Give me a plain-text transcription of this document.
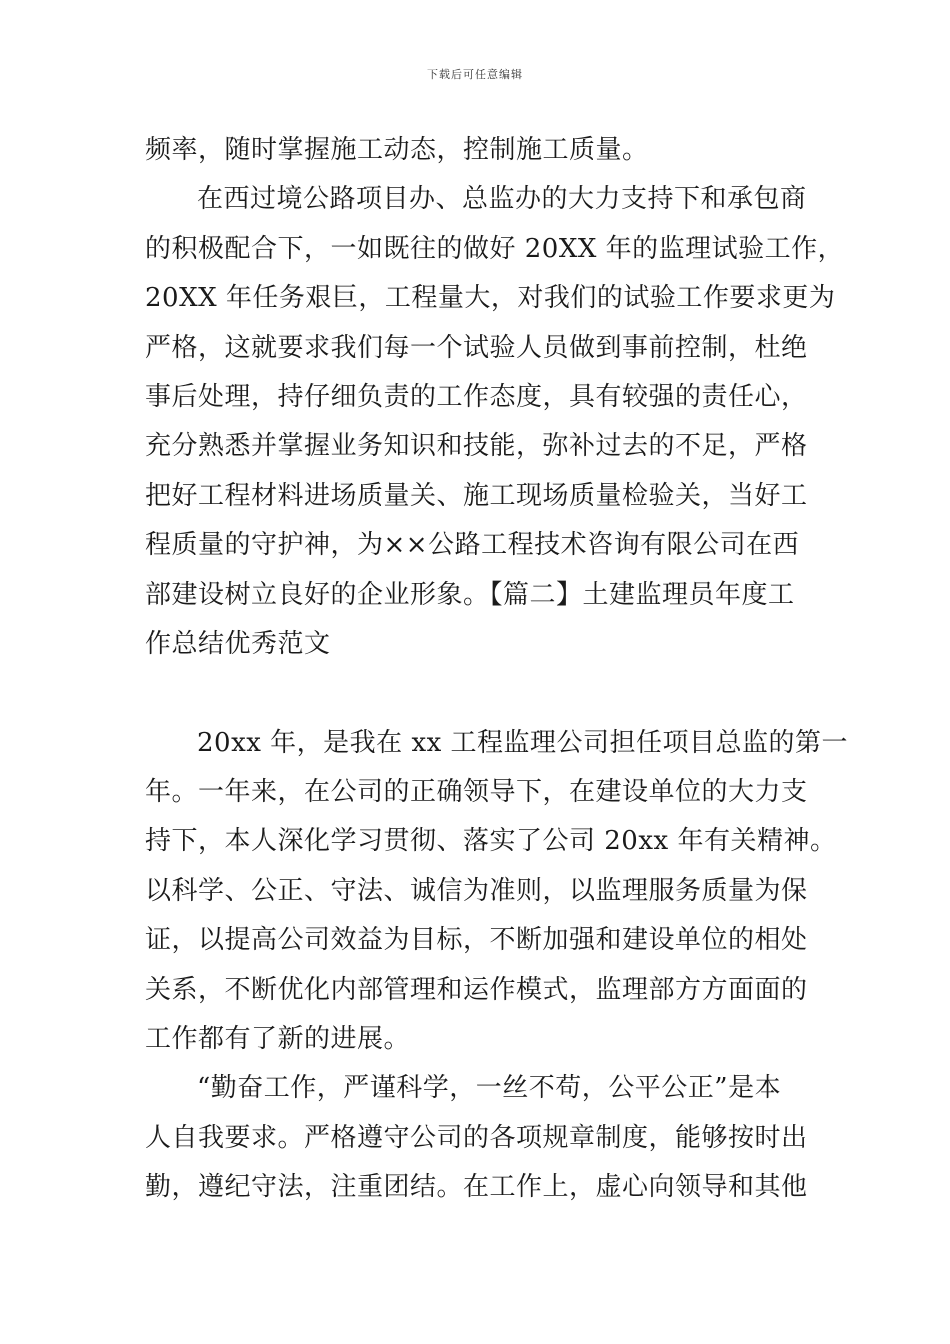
下载后可任意编辑
频率，随时掌握施工动态，控制施工质量。
在西过境公路项目办、总监办的大力支持下和承包商
的积极配合下，一如既往的做好 20XX 年的监理试验工作，
20XX 年任务艰巨，工程量大，对我们的试验工作要求更为
严格，这就要求我们每一个试验人员做到事前控制，杜绝
事后处理，持仔细负责的工作态度，具有较强的责任心，
充分熟悉并掌握业务知识和技能，弥补过去的不足，严格
把好工程材料进场质量关、施工现场质量检验关，当好工
程质量的守护神，为××公路工程技术咨询有限公司在西
部建设树立良好的企业形象。【篇二】土建监理员年度工
作总结优秀范文
20xx 年，是我在 xx 工程监理公司担任项目总监的第一
年。一年来，在公司的正确领导下，在建设单位的大力支
持下，本人深化学习贯彻、落实了公司 20xx 年有关精神。
以科学、公正、守法、诚信为准则，以监理服务质量为保
证，以提高公司效益为目标，不断加强和建设单位的相处
关系，不断优化内部管理和运作模式，监理部方方面面的
工作都有了新的进展。
“勤奋工作，严谨科学，一丝不苟，公平公正”是本
人自我要求。严格遵守公司的各项规章制度，能够按时出
勤，遵纪守法，注重团结。在工作上，虚心向领导和其他
